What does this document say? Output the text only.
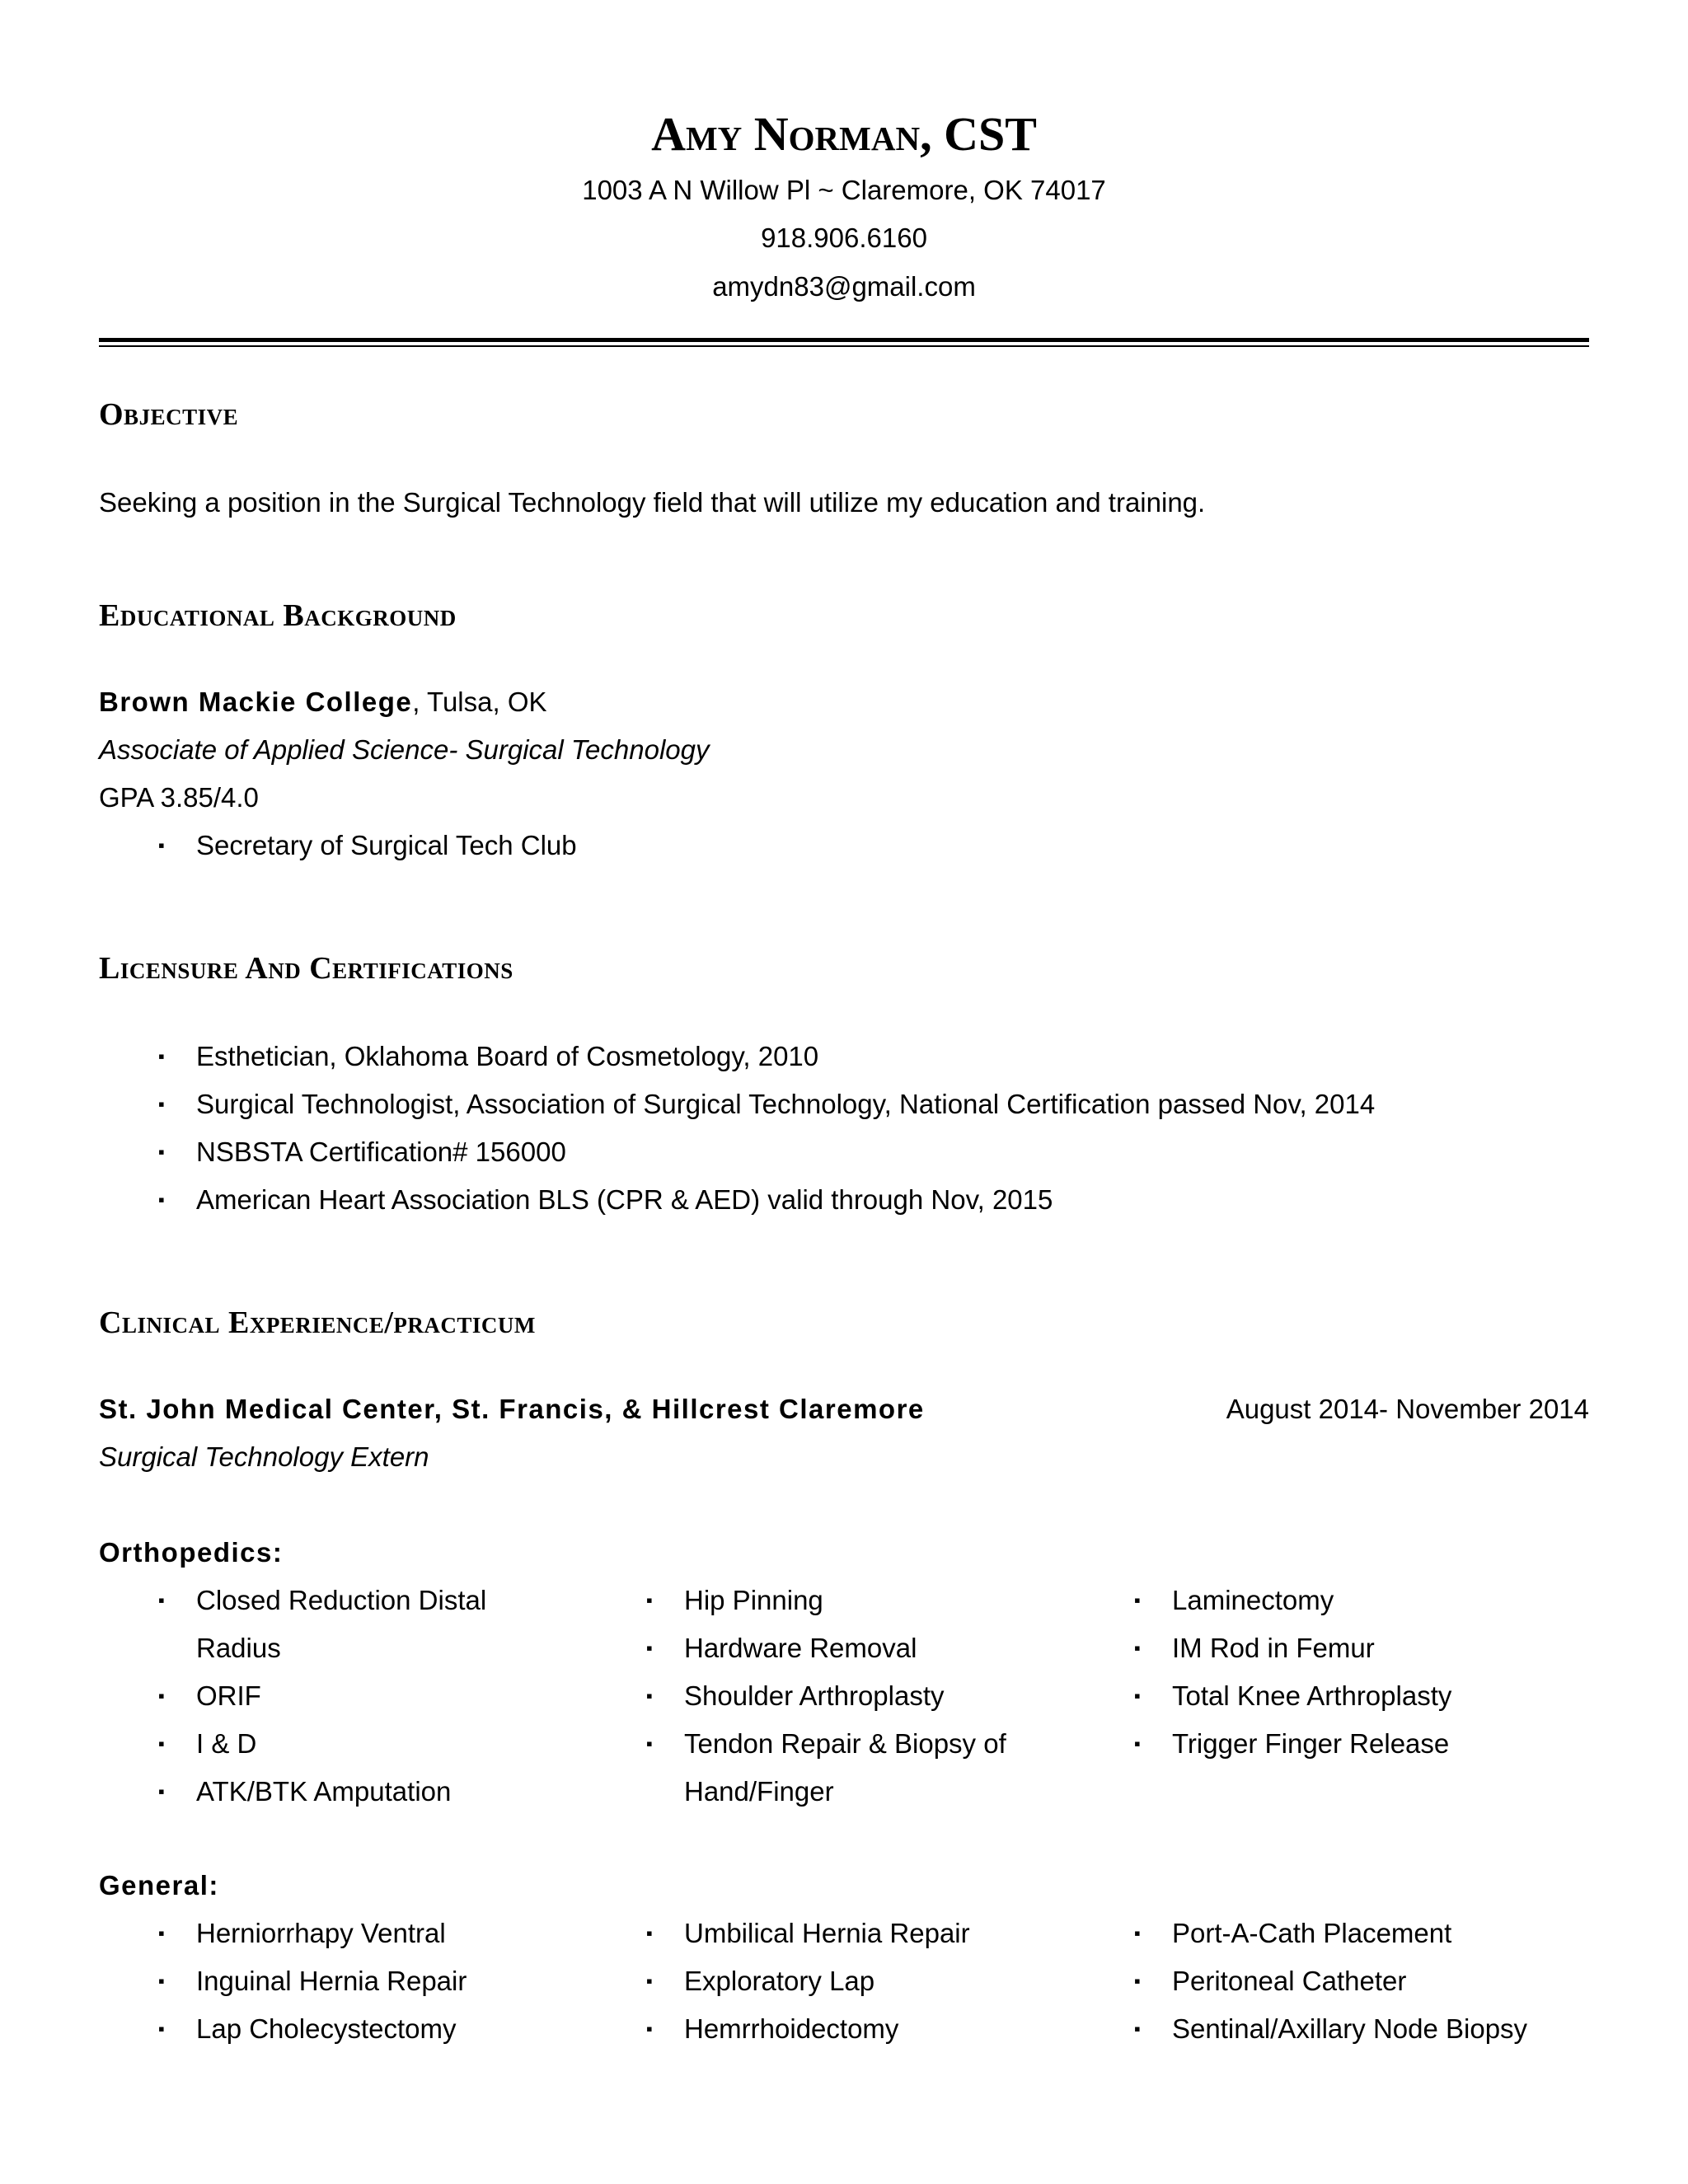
Amy Norman, CST
1003 A N Willow Pl ~ Claremore, OK 74017
918.906.6160
amydn83@gmail.com
Objective
Seeking a position in the Surgical Technology field that will utilize my education and training.
Educational Background
Brown Mackie College, Tulsa, OK
Associate of Applied Science- Surgical Technology
GPA 3.85/4.0
▪ Secretary of Surgical Tech Club
Licensure And Certifications
▪ Esthetician, Oklahoma Board of Cosmetology, 2010
▪ Surgical Technologist, Association of Surgical Technology, National Certification passed Nov, 2014
▪ NSBSTA Certification# 156000
▪ American Heart Association BLS (CPR & AED) valid through Nov, 2015
Clinical Experience/practicum
St. John Medical Center, St. Francis, & Hillcrest Claremore	August 2014- November 2014
Surgical Technology Extern
Orthopedics:
▪ Closed Reduction Distal
Radius
▪ ORIF
▪ I & D
▪ ATK/BTK Amputation
▪ Hip Pinning
▪ Hardware Removal
▪ Shoulder Arthroplasty
▪ Tendon Repair & Biopsy of
Hand/Finger
▪ Laminectomy
▪ IM Rod in Femur
▪ Total Knee Arthroplasty
▪ Trigger Finger Release
General:
▪ Herniorrhapy Ventral
▪ Inguinal Hernia Repair
▪ Lap Cholecystectomy
▪ Umbilical Hernia Repair
▪ Exploratory Lap
▪ Hemrrhoidectomy
▪ Port-A-Cath Placement
▪ Peritoneal Catheter
▪ Sentinal/Axillary Node Biopsy
